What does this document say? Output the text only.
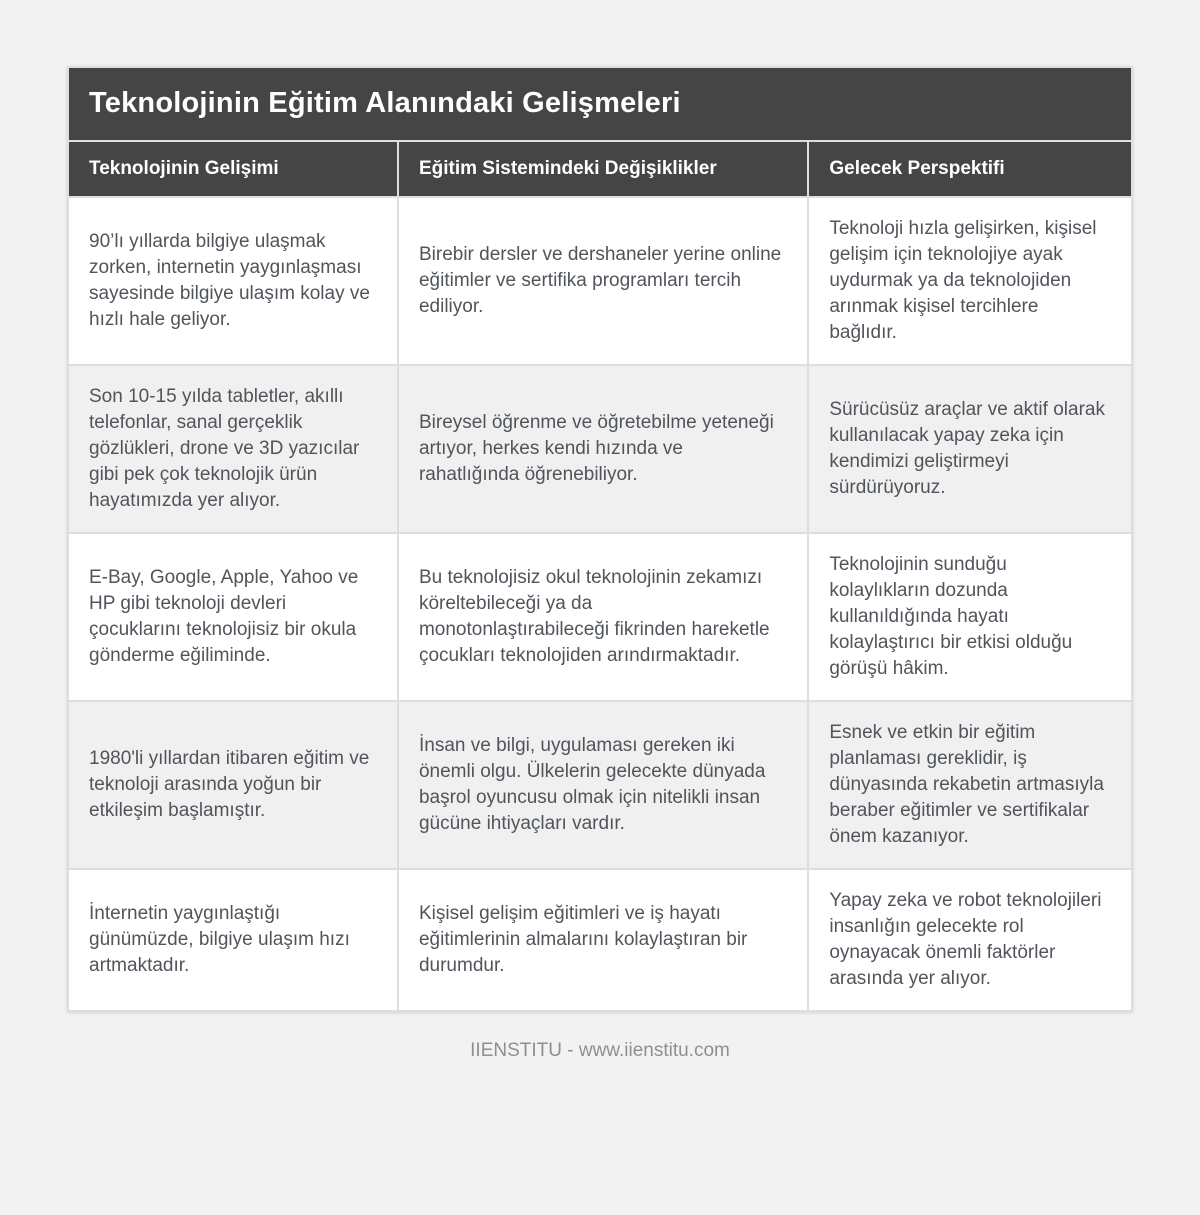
Teknolojinin Eğitim Alanındaki Gelişmeleri		
Teknolojinin Gelişimi	Eğitim Sistemindeki Değişiklikler	Gelecek Perspektifi
90’lı yıllarda bilgiye ulaşmak zorken, internetin yaygınlaşması sayesinde bilgiye ulaşım kolay ve hızlı hale geliyor.	Birebir dersler ve dershaneler yerine online eğitimler ve sertifika programları tercih ediliyor.	Teknoloji hızla gelişirken, kişisel gelişim için teknolojiye ayak uydurmak ya da teknolojiden arınmak kişisel tercihlere bağlıdır.
Son 10-15 yılda tabletler, akıllı telefonlar, sanal gerçeklik gözlükleri, drone ve 3D yazıcılar gibi pek çok teknolojik ürün hayatımızda yer alıyor.	Bireysel öğrenme ve öğretebilme yeteneği artıyor, herkes kendi hızında ve rahatlığında öğrenebiliyor.	Sürücüsüz araçlar ve aktif olarak kullanılacak yapay zeka için kendimizi geliştirmeyi sürdürüyoruz.
E-Bay, Google, Apple, Yahoo ve HP gibi teknoloji devleri çocuklarını teknolojisiz bir okula gönderme eğiliminde.	Bu teknolojisiz okul teknolojinin zekamızı köreltebileceği ya da monotonlaştırabileceği fikrinden hareketle çocukları teknolojiden arındırmaktadır.	Teknolojinin sunduğu kolaylıkların dozunda kullanıldığında hayatı kolaylaştırıcı bir etkisi olduğu görüşü hâkim.
1980'li yıllardan itibaren eğitim ve teknoloji arasında yoğun bir etkileşim başlamıştır.	İnsan ve bilgi, uygulaması gereken iki önemli olgu. Ülkelerin gelecekte dünyada başrol oyuncusu olmak için nitelikli insan gücüne ihtiyaçları vardır.	Esnek ve etkin bir eğitim planlaması gereklidir, iş dünyasında rekabetin artmasıyla beraber eğitimler ve sertifikalar önem kazanıyor.
İnternetin yaygınlaştığı günümüzde, bilgiye ulaşım hızı artmaktadır.	Kişisel gelişim eğitimleri ve iş hayatı eğitimlerinin almalarını kolaylaştıran bir durumdur.	Yapay zeka ve robot teknolojileri insanlığın gelecekte rol oynayacak önemli faktörler arasında yer alıyor.
IIENSTITU - www.iienstitu.com
